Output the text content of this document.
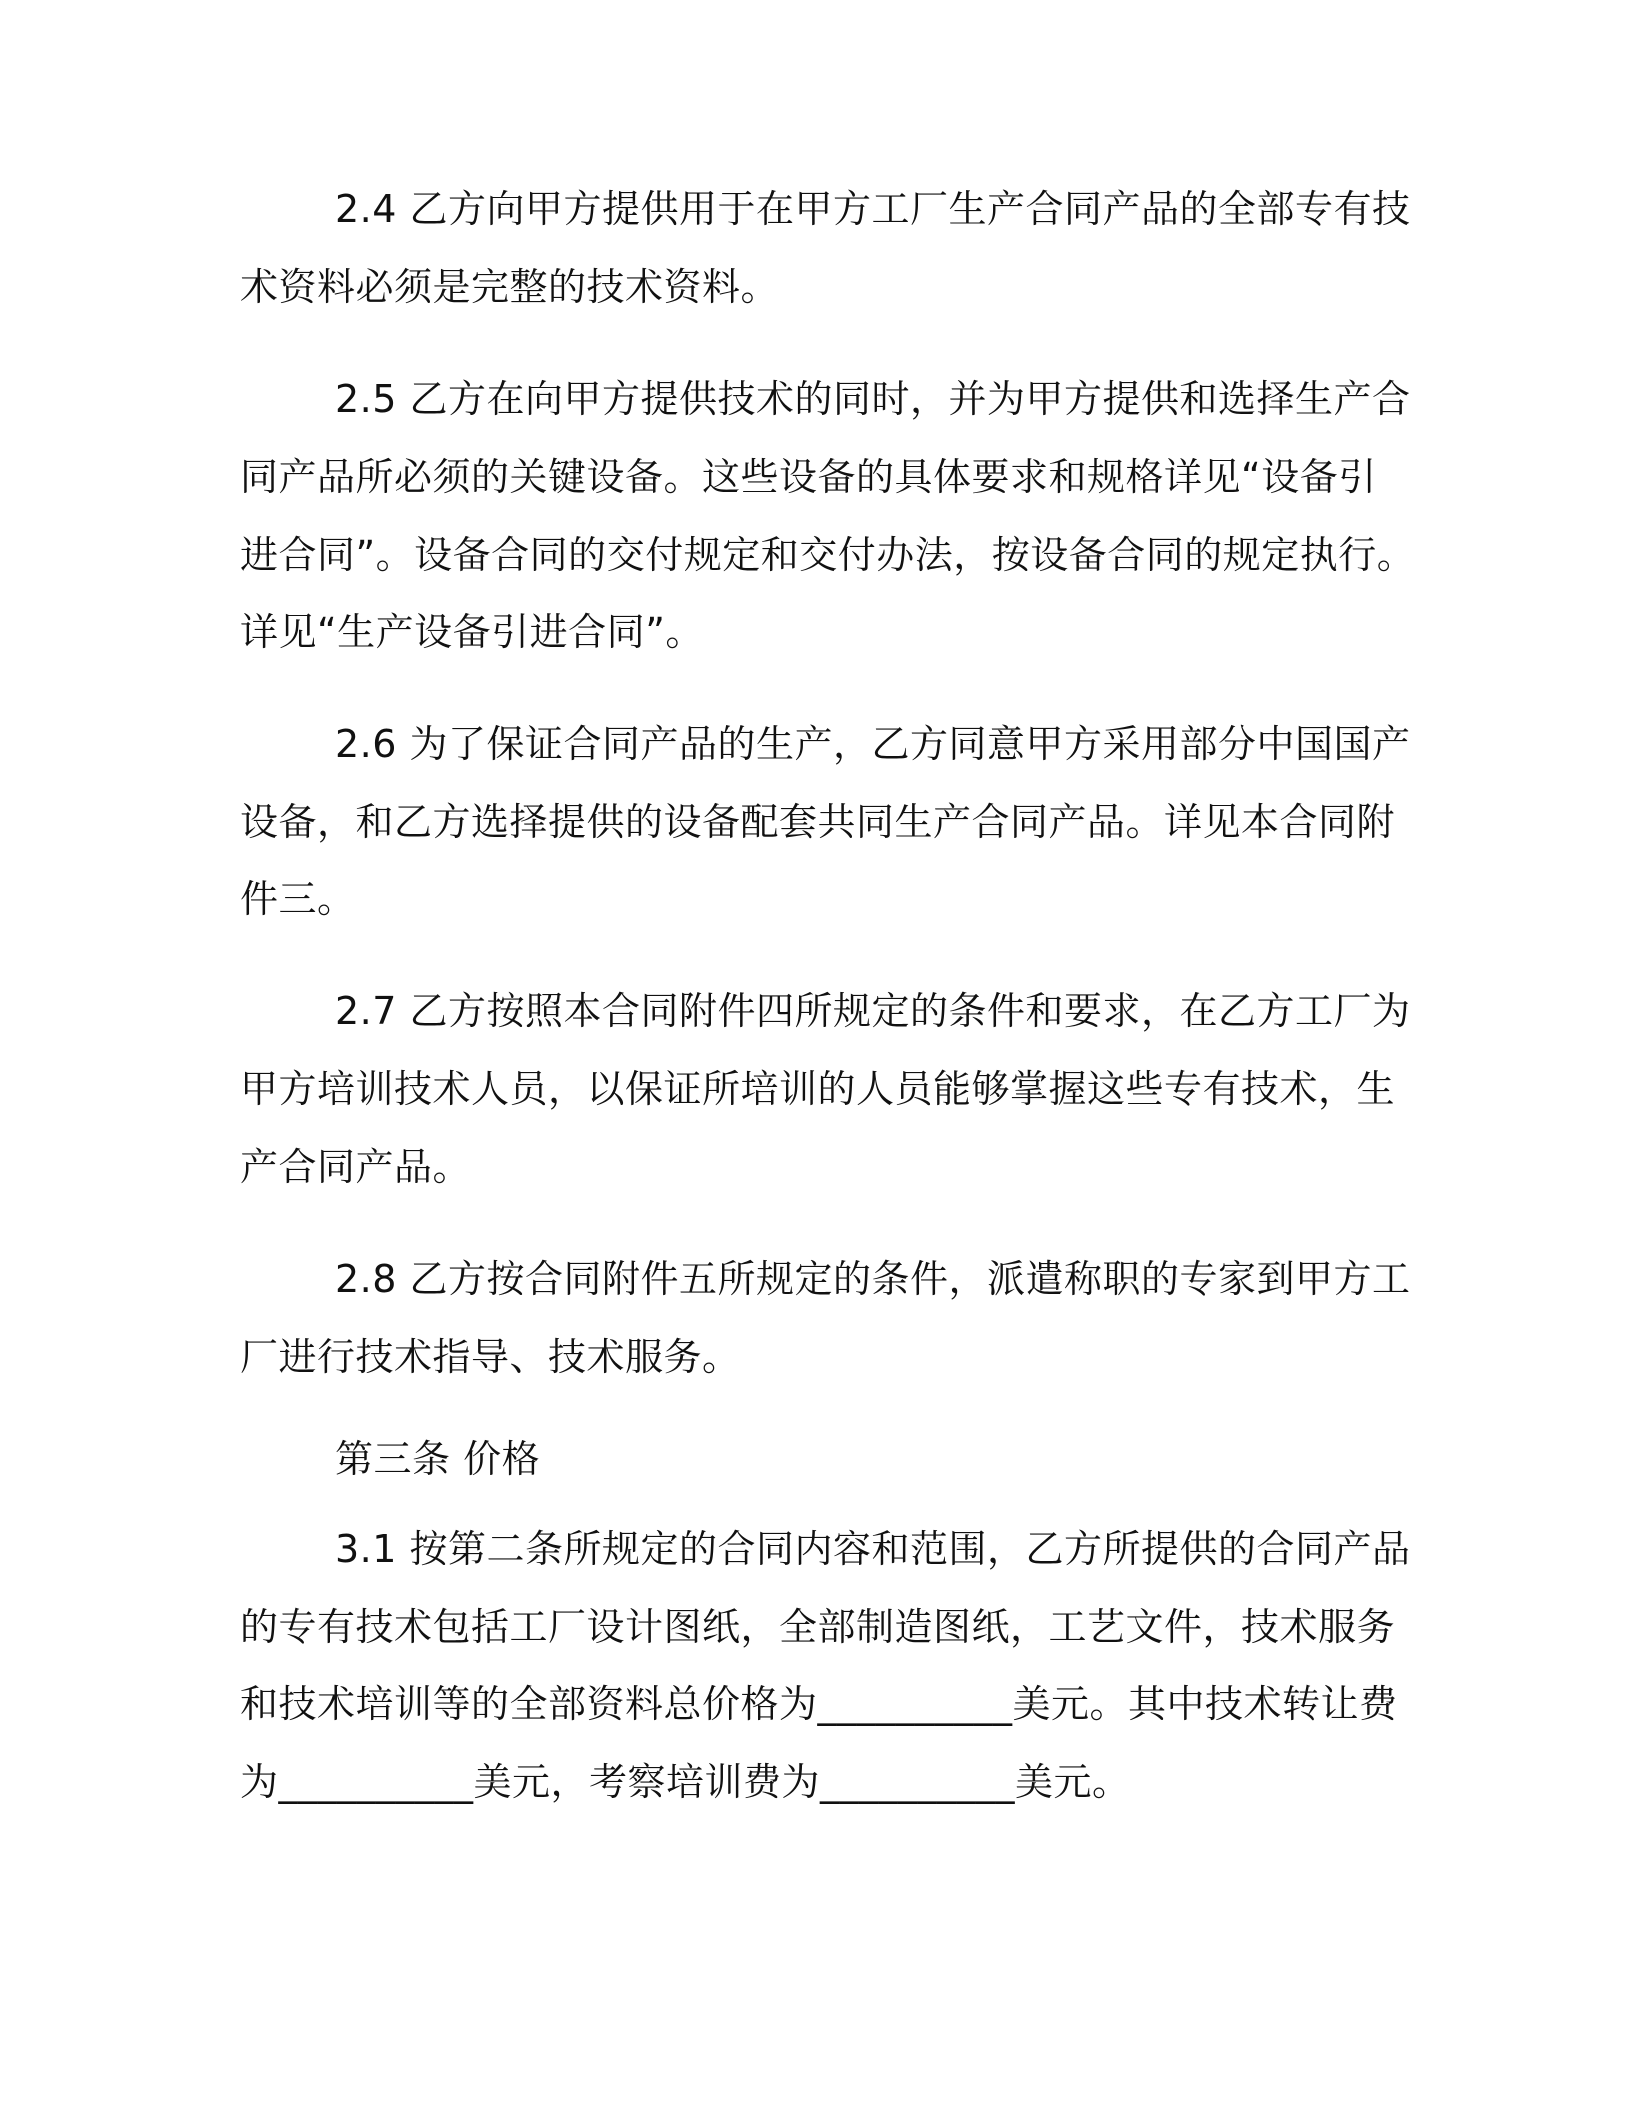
2.4 乙方向甲方提供用于在甲方工厂生产合同产品的全部专有技
术资料必须是完整的技术资料。
2.5 乙方在向甲方提供技术的同时，并为甲方提供和选择生产合
同产品所必须的关键设备。这些设备的具体要求和规格详见“设备引
进合同”。设备合同的交付规定和交付办法，按设备合同的规定执行。
详见“生产设备引进合同”。
2.6 为了保证合同产品的生产，乙方同意甲方采用部分中国国产
设备，和乙方选择提供的设备配套共同生产合同产品。详见本合同附
件三。
2.7 乙方按照本合同附件四所规定的条件和要求，在乙方工厂为
甲方培训技术人员，以保证所培训的人员能够掌握这些专有技术，生
产合同产品。
2.8 乙方按合同附件五所规定的条件，派遣称职的专家到甲方工
厂进行技术指导、技术服务。
第三条 价格
3.1 按第二条所规定的合同内容和范围，乙方所提供的合同产品
的专有技术包括工厂设计图纸，全部制造图纸，工艺文件，技术服务
和技术培训等的全部资料总价格为__________美元。其中技术转让费
为__________美元，考察培训费为__________美元。
